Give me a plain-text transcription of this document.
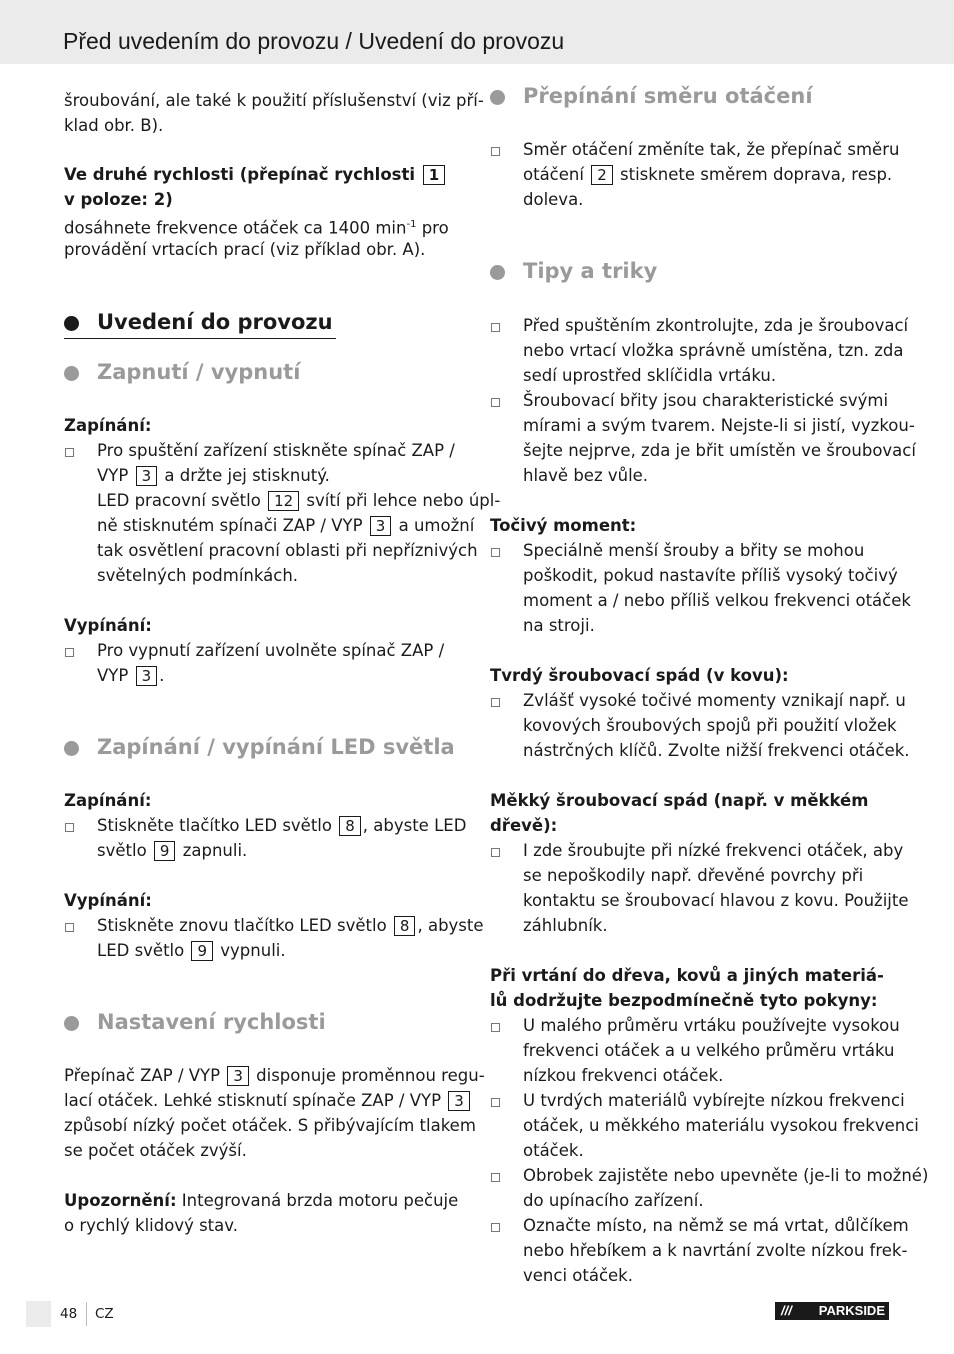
Před uvedením do provozu / Uvedení do provozu
šroubování, ale také k použití příslušenství (viz pří-
klad obr. B).
Ve druhé rychlosti (přepínač rychlosti 1
v poloze: 2)
dosáhnete frekvence otáček ca 1400 $\min^{-1}$ pro
provádění vrtacích prací (viz příklad obr. A).
Uvedení do provozu
Zapnutí / vypnutí
Zapínání:
Pro spuštění zařízení stiskněte spínač ZAP /
VYP 3 a držte jej stisknutý.
LED pracovní světlo 12 svítí při lehce nebo úpl-
ně stisknutém spínači ZAP / VYP 3 a umožní
tak osvětlení pracovní oblasti při nepříznivých
světelných podmínkách.
Vypínání:
Pro vypnutí zařízení uvolněte spínač ZAP /
VYP 3 .
Zapínání / vypínání LED světla
Zapínání:
Stiskněte tlačítko LED světlo 8 , abyste LED
světlo 9 zapnuli.
Vypínání:
Stiskněte znovu tlačítko LED světlo 8 , abyste
LED světlo 9 vypnuli.
Nastavení rychlosti
Přepínač ZAP / VYP 3 disponuje proměnnou regu-
lací otáček. Lehké stisknutí spínače ZAP / VYP 3
způsobí nízký počet otáček. S přibývajícím tlakem
se počet otáček zvýší.
Upozornění: Integrovaná brzda motoru pečuje
o rychlý klidový stav.
Přepínání směru otáčení
Směr otáčení změníte tak, že přepínač směru
otáčení 2 stisknete směrem doprava, resp.
doleva.
Tipy a triky
Před spuštěním zkontrolujte, zda je šroubovací
nebo vrtací vložka správně umístěna, tzn. zda
sedí uprostřed sklíčidla vrtáku.
Šroubovací břity jsou charakteristické svými
mírami a svým tvarem. Nejste-li si jistí, vyzkou-
šejte nejprve, zda je břit umístěn ve šroubovací
hlavě bez vůle.
Točivý moment:
Speciálně menší šrouby a břity se mohou
poškodit, pokud nastavíte příliš vysoký točivý
moment a / nebo příliš velkou frekvenci otáček
na stroji.
Tvrdý šroubovací spád (v kovu):
Zvlášť vysoké točivé momenty vznikají např. u
kovových šroubových spojů při použití vložek
nástrčných klíčů. Zvolte nižší frekvenci otáček.
Měkký šroubovací spád (např. v měkkém
dřevě):
I zde šroubujte při nízké frekvenci otáček, aby
se nepoškodily např. dřevěné povrchy při
kontaktu se šroubovací hlavou z kovu. Použijte
záhlubník.
Při vrtání do dřeva, kovů a jiných materiá-
lů dodržujte bezpodmínečně tyto pokyny:
U malého průměru vrtáku používejte vysokou
frekvenci otáček a u velkého průměru vrtáku
nízkou frekvenci otáček.
U tvrdých materiálů vybírejte nízkou frekvenci
otáček, u měkkého materiálu vysokou frekvenci
otáček.
Obrobek zajistěte nebo upevněte (je-li to možné)
do upínacího zařízení.
Označte místo, na němž se má vrtat, důlčíkem
nebo hřebíkem a k navrtání zvolte nízkou frek-
venci otáček.
48 CZ	/// PARKSIDE
